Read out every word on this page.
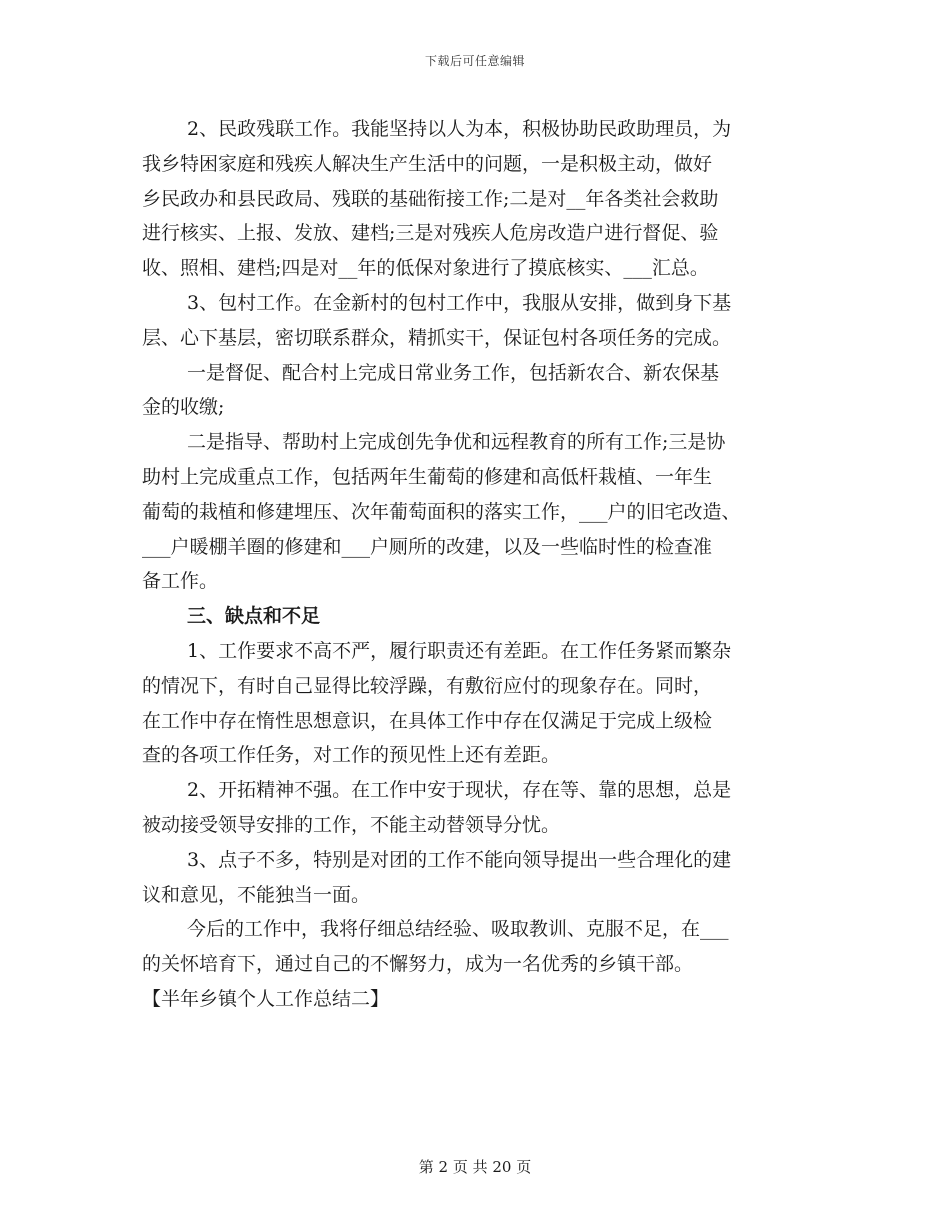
下载后可任意编辑
2、民政残联工作。我能坚持以人为本，积极协助民政助理员，为
我乡特困家庭和残疾人解决生产生活中的问题，一是积极主动，做好
乡民政办和县民政局、残联的基础衔接工作;二是对__年各类社会救助
进行核实、上报、发放、建档;三是对残疾人危房改造户进行督促、验
收、照相、建档;四是对__年的低保对象进行了摸底核实、___汇总。
3、包村工作。在金新村的包村工作中，我服从安排，做到身下基
层、心下基层，密切联系群众，精抓实干，保证包村各项任务的完成。
一是督促、配合村上完成日常业务工作，包括新农合、新农保基
金的收缴;
二是指导、帮助村上完成创先争优和远程教育的所有工作;三是协
助村上完成重点工作，包括两年生葡萄的修建和高低杆栽植、一年生
葡萄的栽植和修建埋压、次年葡萄面积的落实工作，___户的旧宅改造、
___户暖棚羊圈的修建和___户厕所的改建，以及一些临时性的检查准
备工作。
三、缺点和不足
1、工作要求不高不严，履行职责还有差距。在工作任务紧而繁杂
的情况下，有时自己显得比较浮躁，有敷衍应付的现象存在。同时，
在工作中存在惰性思想意识，在具体工作中存在仅满足于完成上级检
查的各项工作任务，对工作的预见性上还有差距。
2、开拓精神不强。在工作中安于现状，存在等、靠的思想，总是
被动接受领导安排的工作，不能主动替领导分忧。
3、点子不多，特别是对团的工作不能向领导提出一些合理化的建
议和意见，不能独当一面。
今后的工作中，我将仔细总结经验、吸取教训、克服不足，在___
的关怀培育下，通过自己的不懈努力，成为一名优秀的乡镇干部。
【半年乡镇个人工作总结二】
第 2 页 共 20 页
